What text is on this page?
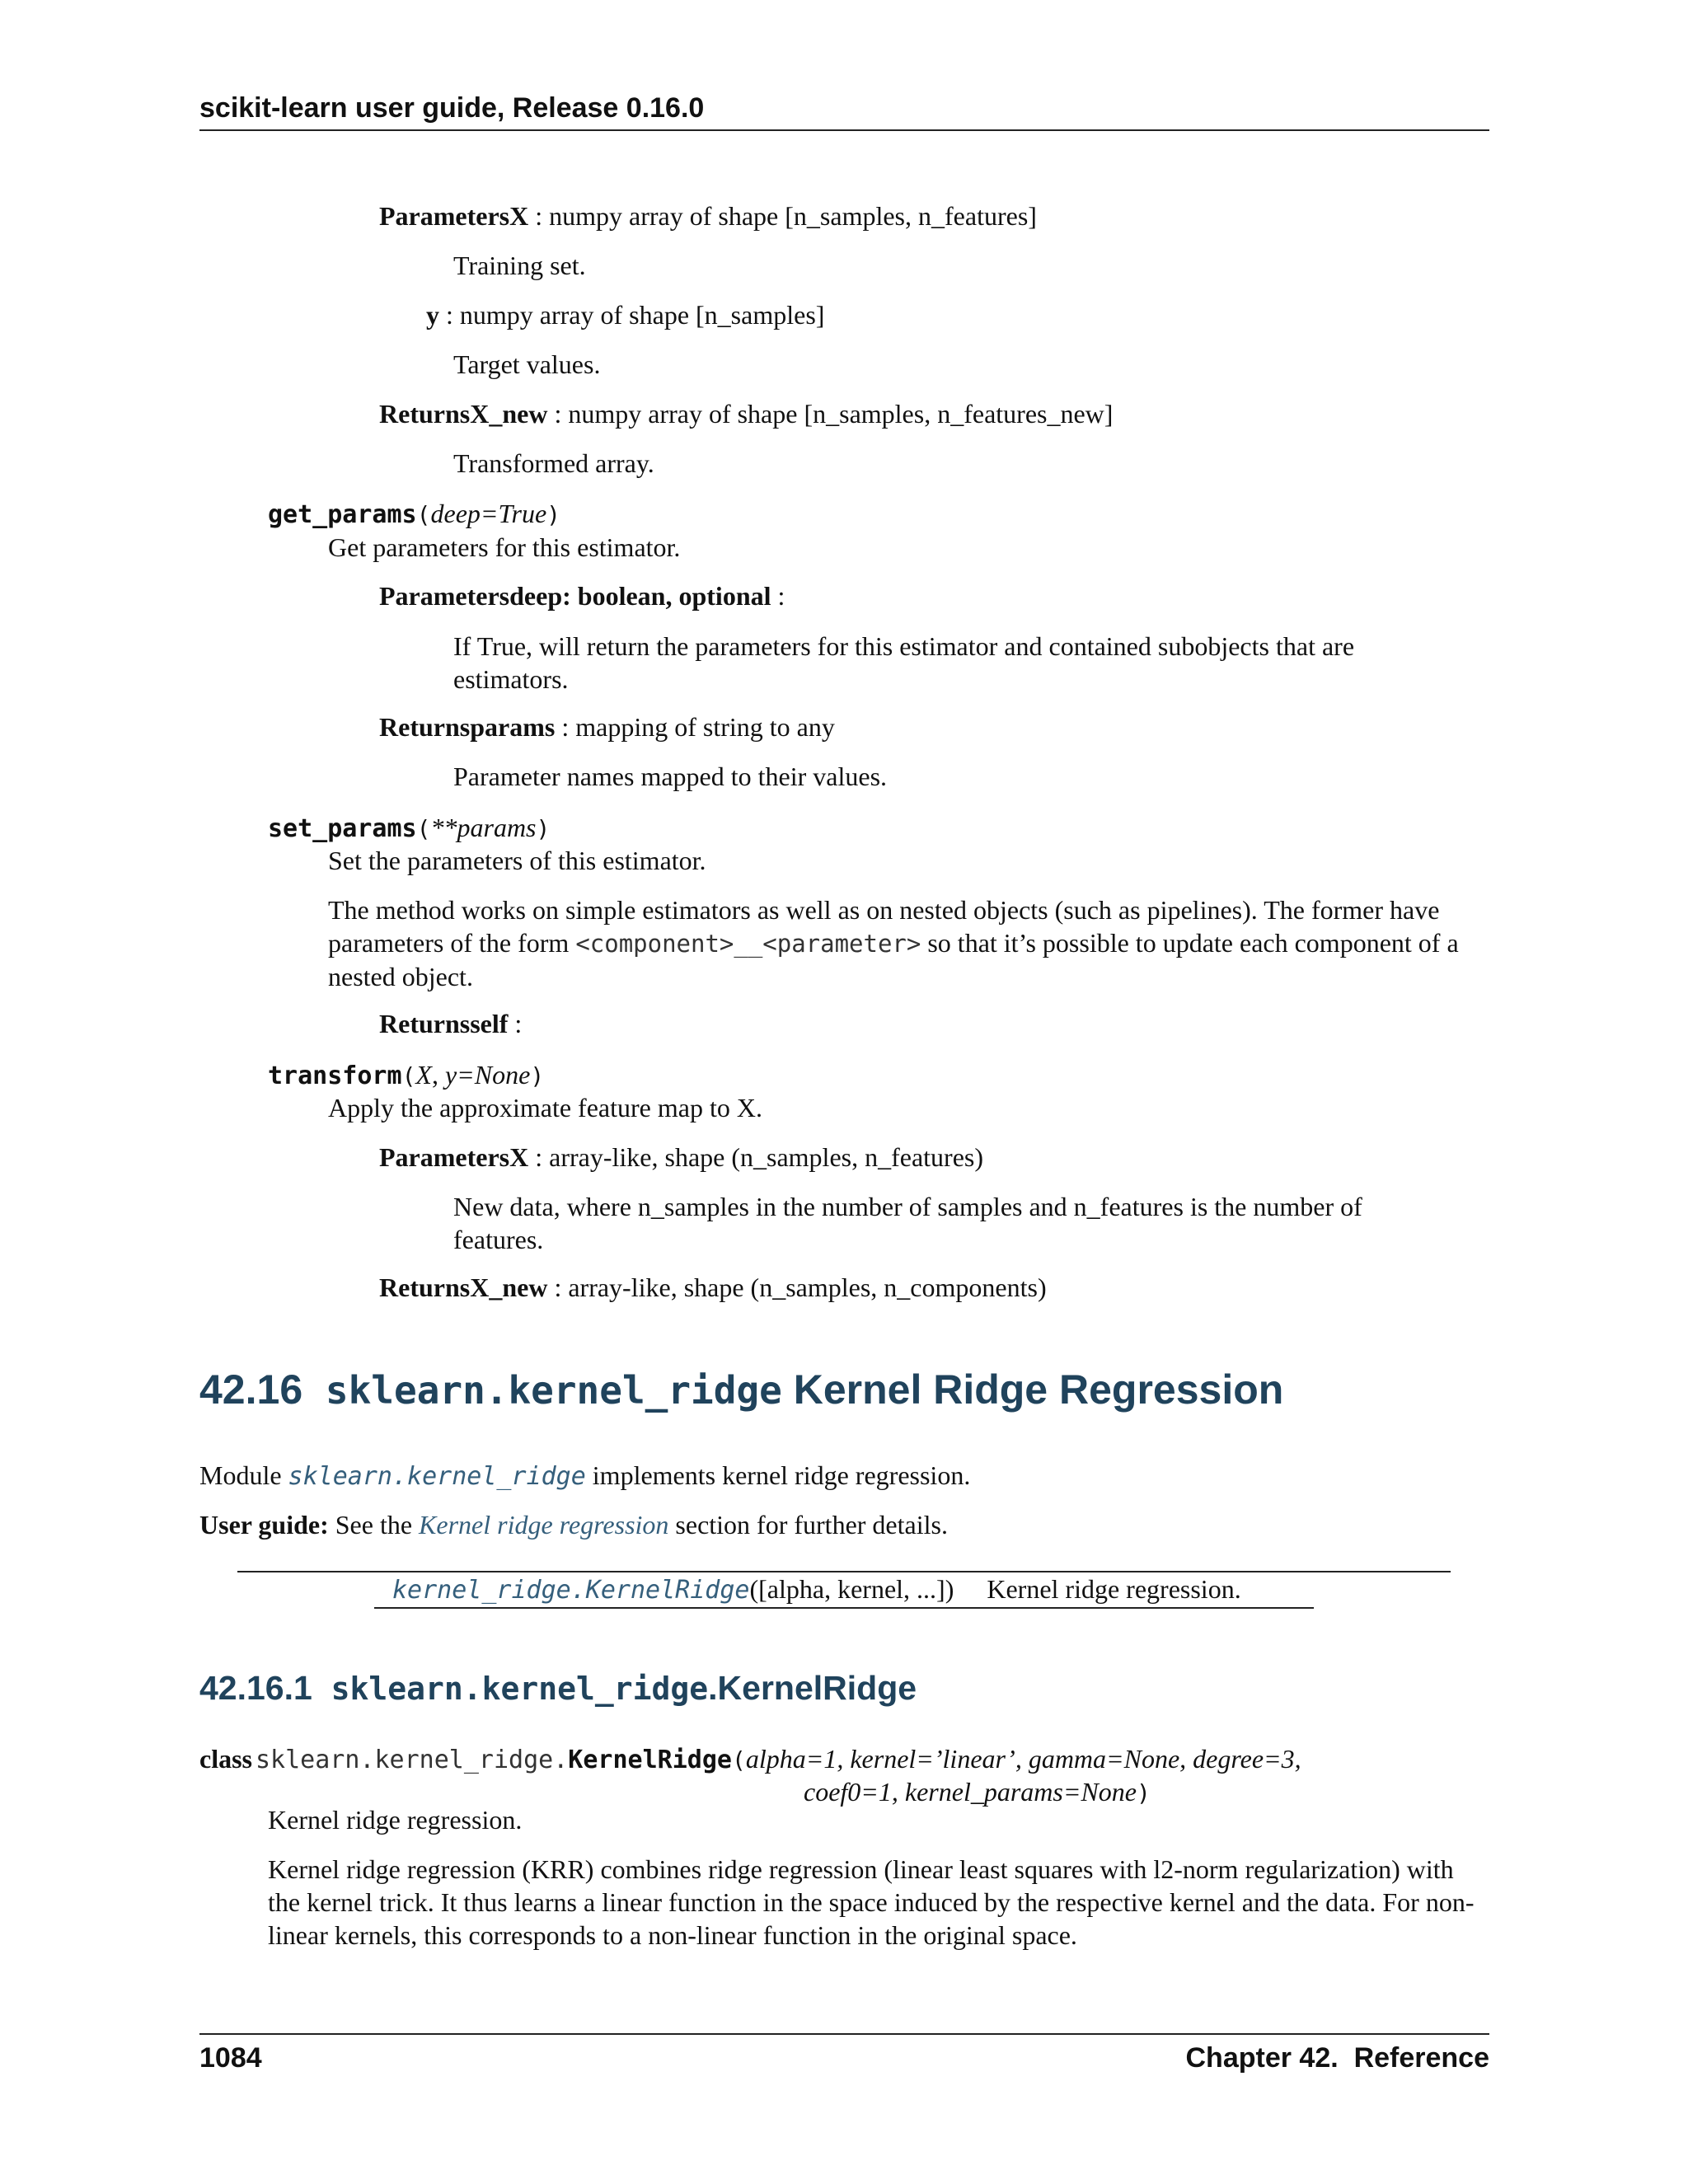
scikit-learn user guide, Release 0.16.0
ParametersX : numpy array of shape [n_samples, n_features]
Training set.
y : numpy array of shape [n_samples]
Target values.
ReturnsX_new : numpy array of shape [n_samples, n_features_new]
Transformed array.
get_params(deep=True)
Get parameters for this estimator.
Parametersdeep: boolean, optional :
If True, will return the parameters for this estimator and contained subobjects that are estimators.
Returnsparams : mapping of string to any
Parameter names mapped to their values.
set_params(**params)
Set the parameters of this estimator.
The method works on simple estimators as well as on nested objects (such as pipelines). The former have parameters of the form <component>__<parameter> so that it’s possible to update each component of a nested object.
Returnsself :
transform(X, y=None)
Apply the approximate feature map to X.
ParametersX : array-like, shape (n_samples, n_features)
New data, where n_samples in the number of samples and n_features is the number of features.
ReturnsX_new : array-like, shape (n_samples, n_components)
42.16 sklearn.kernel_ridge Kernel Ridge Regression
Module sklearn.kernel_ridge implements kernel ridge regression.
User guide: See the Kernel ridge regression section for further details.
kernel_ridge.KernelRidge([alpha, kernel, ...]) Kernel ridge regression.
42.16.1 sklearn.kernel_ridge.KernelRidge
class sklearn.kernel_ridge.KernelRidge(alpha=1, kernel=’linear’, gamma=None, degree=3,
coef0=1, kernel_params=None)
Kernel ridge regression.
Kernel ridge regression (KRR) combines ridge regression (linear least squares with l2-norm regularization) with the kernel trick. It thus learns a linear function in the space induced by the respective kernel and the data. For non-linear kernels, this corresponds to a non-linear function in the original space.
1084	Chapter 42.  Reference
